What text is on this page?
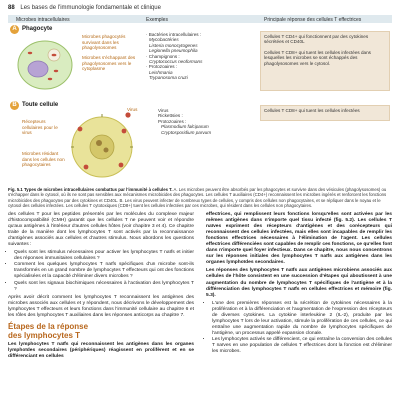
88 Les bases de l'immunologie fondamentale et clinique
Microbes intracellulaires	Exemples	Principale réponse des cellules T effectrices
A Phagocyte
Microbes phagocytés survivant dans les phagolysosomes
Microbes s'échappant des phagolysosomes vers le cytoplasme
· Bactéries intracellulaires :
Mycobactéries
Listeria monocytogenes
Legionella pneumophila
· Champignons :
Cryptococcus neoformans
· Protozoaires :
Leishmania
Trypanosoma cruzi
Cellules T CD4+ qui fonctionnent par des cytokines sécrétées et CD40L
Cellules T CD8+ qui tuent les cellules infectées dans lesquelles les microbes se sont échappés des phagolysosomes vers le cytosol.
B Toute cellule
Virus
Récepteurs cellulaires pour le virus
Microbes résidant dans les cellules non phagocytaires
Virus
Rickettsies :
Protozoaires :
Plasmodium falciparum
Cryptosporidium parvum
Cellules T CD8+ qui tuent les cellules infectées
Fig. 5.1 Types de microbes intracellulaires combattus par l'immunité à cellules T. A. Les microbes peuvent être absorbés par les phagocytes et survivre dans des vésicules (phagolysosomes) ou s'échapper dans le cytosol, où ils ne sont pas sensibles aux mécanismes microbicides des phagocytes. Les cellules T auxiliaires (CD4+) reconnaissent les microbes ingérés et renforcent les fonctions microbicides des phagocytes par des cytokines et CD40L. B. Les virus peuvent infecter de nombreux types de cellules, y compris des cellules non phagocytaires, et se répliquer dans le noyau et le cytosol des cellules infectées. Les cellules T cytotoxiques (CD8+) tuent les cellules infectées par ces microbes, qui résident dans les cellules non phagocytaires.

des cellules T pour les peptides présentés par les molécules du complexe majeur d'histocompatibilité (CMH) garantit que les cellules T ne peuvent voir et répondre qu'aux antigènes à l'intérieur d'autres cellules hôtes (voir chapitre 3 et 4). Ce chapitre traite de la manière dont les lymphocytes T sont activés par la reconnaissance d'antigènes associés aux cellules et d'autres stimulus. Nous abordons les questions suivantes :

• Quels sont les stimulus nécessaires pour activer les lymphocytes T naïfs et initier des réponses immunitaires cellulaires ?
• Comment les quelques lymphocytes T naïfs spécifiques d'un microbe sont-ils transformés en un grand nombre de lymphocytes T effecteurs qui ont des fonctions spécialisées et la capacité d'éliminer divers microbes ?
• Quels sont les signaux biochimiques nécessaires à l'activation des lymphocytes T ?

Après avoir décrit comment les lymphocytes T reconnaissent les antigènes des microbes associés aux cellules et y répondent, nous décrivons le développement des lymphocytes T effecteurs et leurs fonctions dans l'immunité cellulaire au chapitre 6 et les rôles des lymphocytes T auxiliaires dans les réponses anticorps au chapitre 7.

Étapes de la réponse
des lymphocytes T

Les lymphocytes T naïfs qui reconnaissent les antigènes dans les organes lymphoïdes secondaires (périphériques) réagissent en prolifèrent et en se différenciant en cellules

effectrices, qui remplissent leurs fonctions lorsqu'elles sont activées par les mêmes antigènes dans n'importe quel tissu infecté (fig. 5.2). Les cellules T naïves expriment des récepteurs d'antigènes et des corécepteurs qui reconnaissent des cellules infectées, mais elles sont incapables de remplir les fonctions effectrices nécessaires à l'élimination de l'agent. Les cellules effectrices différenciées sont capables de remplir ces fonctions, ce qu'elles font dans n'importe quel foyer infectieux. Dans ce chapitre, nous nous concentrons sur les réponses initiales des lymphocytes T naïfs aux antigènes dans les organes lymphoïdes secondaires.

Les réponses des lymphocytes T naïfs aux antigènes microbiens associés aux cellules de l'hôte consistent en une succession d'étapes qui aboutissent à une augmentation du nombre de lymphocytes T spécifiques de l'antigène et à la différenciation des lymphocytes T naïfs en cellules effectrices et mémoire (fig. 5.3).

• L'une des premières réponses est la sécrétion de cytokines nécessaires à la prolifération et à la différenciation et l'augmentation de l'expression des récepteurs de diverses cytokines. La cytokine interleukine 2 (IL-2), produite par les lymphocytes T lors de leur activation, stimule la prolifération de ces cellules, ce qui entraîne une augmentation rapide du nombre de lymphocytes spécifiques de l'antigène, un processus appelé expansion clonale.
• Les lymphocytes activés se différencient, ce qui entraîne la conversion des cellules T naïves en une population de cellules T effectrices dont la fonction est d'éliminer les microbes.
